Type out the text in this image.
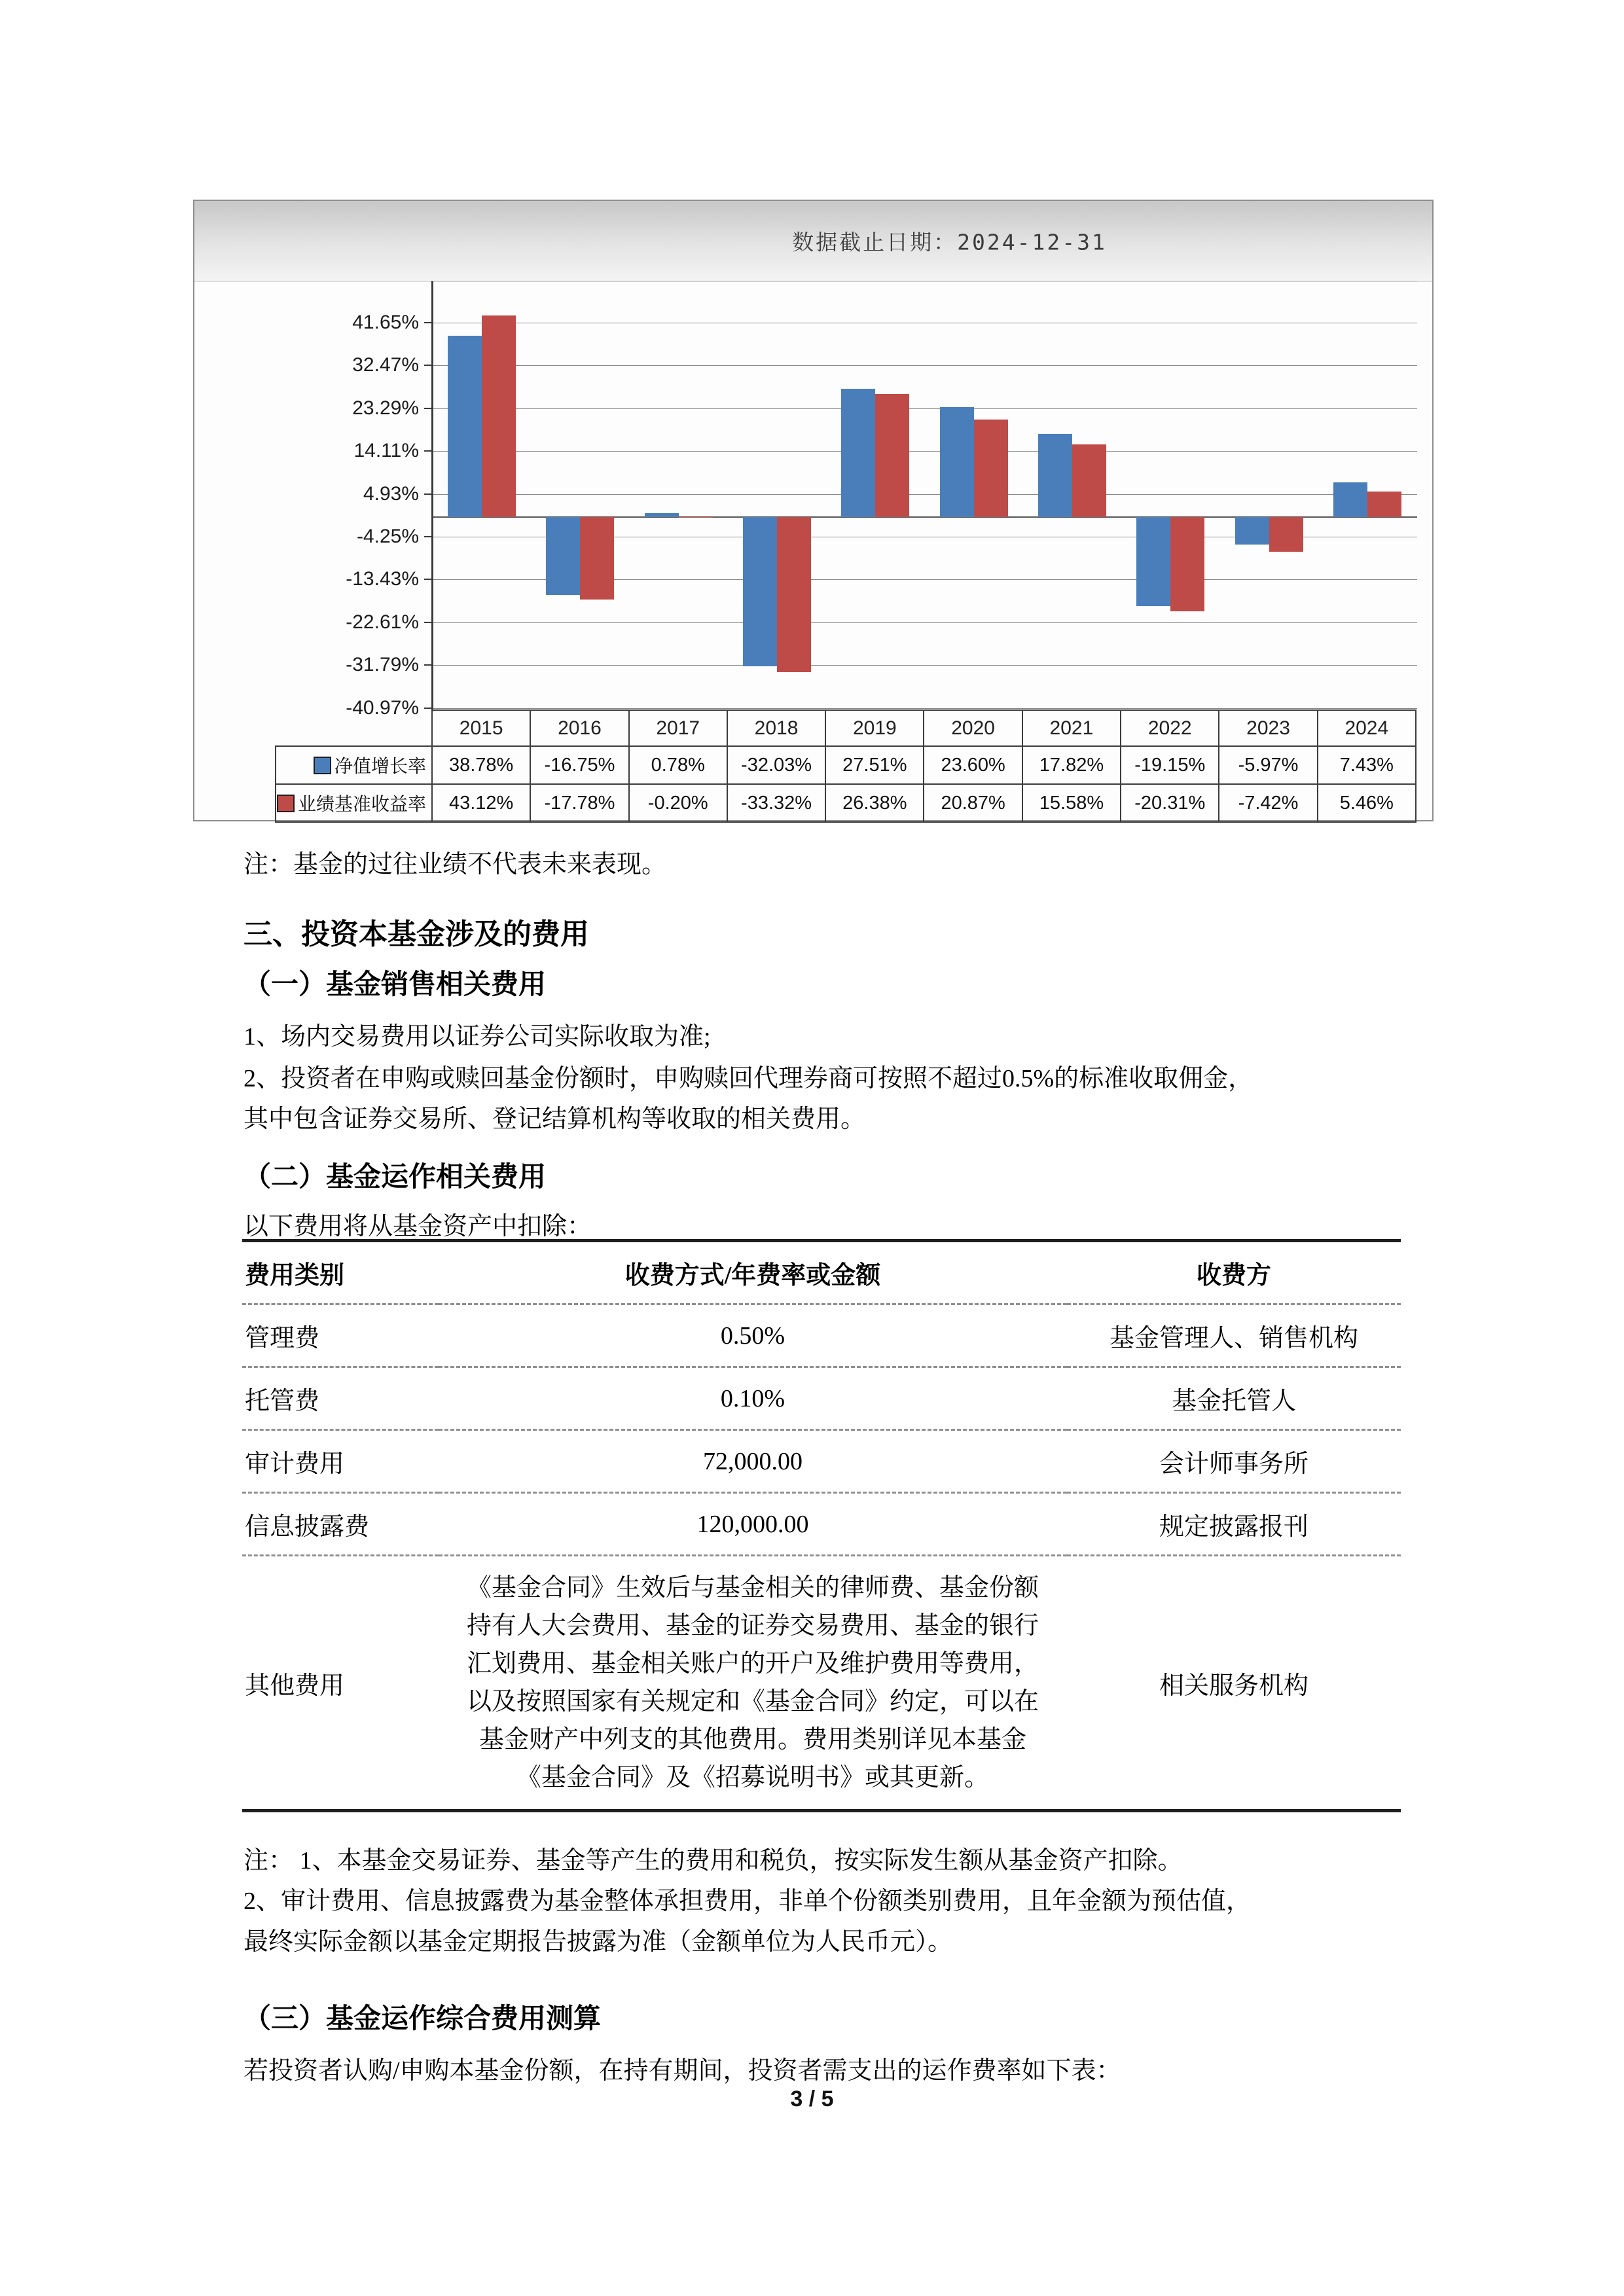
数据截止日期：2024-12-31
41.65%
32.47%
23.29%
14.11%
4.93%
-4.25%
-13.43%
-22.61%
-31.79%
-40.97%
	2015	2016	2017	2018	2019	2020	2021	2022	2023	2024
净值增长率	38.78%	-16.75%	0.78%	-32.03%	27.51%	23.60%	17.82%	-19.15%	-5.97%	7.43%
业绩基准收益率	43.12%	-17.78%	-0.20%	-33.32%	26.38%	20.87%	15.58%	-20.31%	-7.42%	5.46%
注：基金的过往业绩不代表未来表现。
三、投资本基金涉及的费用
（一）基金销售相关费用
1、场内交易费用以证券公司实际收取为准;
2、投资者在申购或赎回基金份额时，申购赎回代理券商可按照不超过0.5%的标准收取佣金，其中包含证券交易所、登记结算机构等收取的相关费用。
（二）基金运作相关费用
以下费用将从基金资产中扣除：
费用类别	收费方式/年费率或金额	收费方
管理费	0.50%	基金管理人、销售机构
托管费	0.10%	基金托管人
审计费用	72,000.00	会计师事务所
信息披露费	120,000.00	规定披露报刊
其他费用	《基金合同》生效后与基金相关的律师费、基金份额持有人大会费用、基金的证券交易费用、基金的银行汇划费用、基金相关账户的开户及维护费用等费用，以及按照国家有关规定和《基金合同》约定，可以在基金财产中列支的其他费用。费用类别详见本基金《基金合同》及《招募说明书》或其更新。	相关服务机构
注： 1、本基金交易证券、基金等产生的费用和税负，按实际发生额从基金资产扣除。
2、审计费用、信息披露费为基金整体承担费用，非单个份额类别费用，且年金额为预估值，最终实际金额以基金定期报告披露为准（金额单位为人民币元）。
（三）基金运作综合费用测算
若投资者认购/申购本基金份额，在持有期间，投资者需支出的运作费率如下表：
3 / 5
